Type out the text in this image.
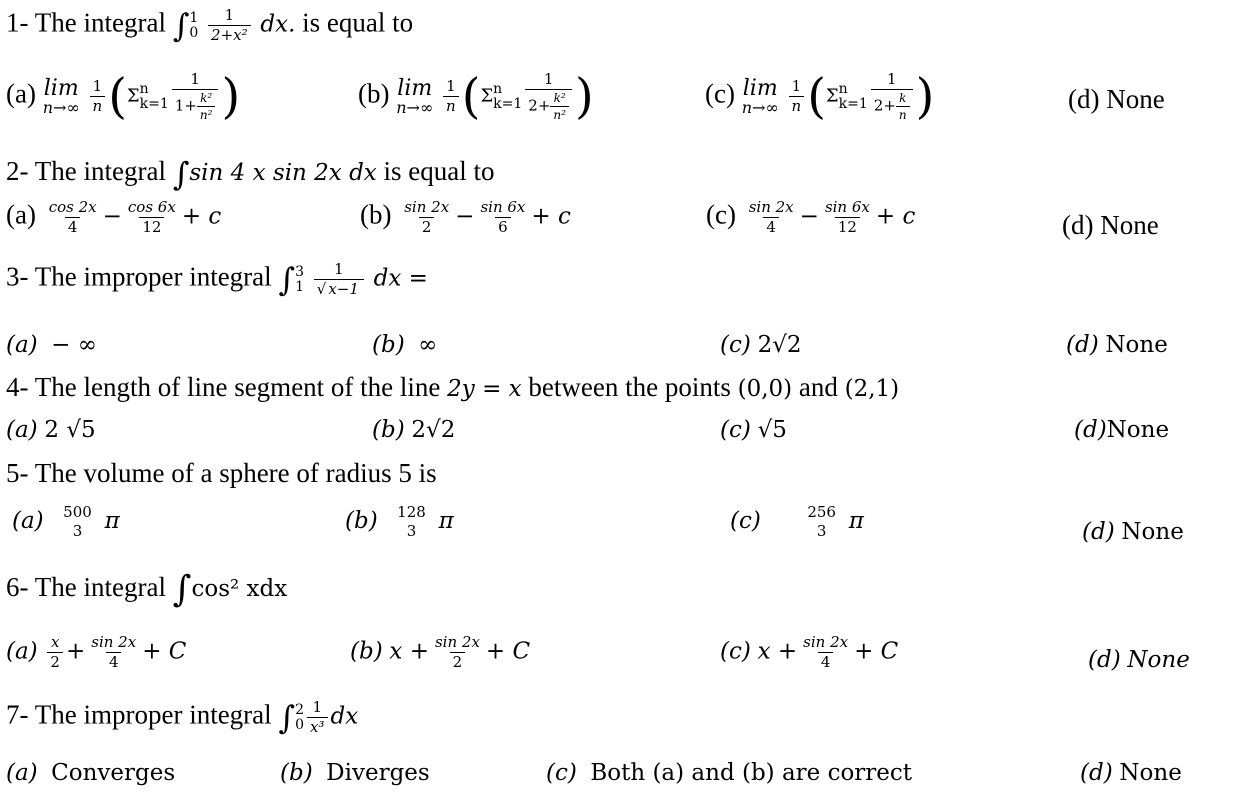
1- The integral ∫ 1
0
$\frac{1}{\text{2+x²}}$ dx. is equal to
(a) lim
n→∞
$\frac{1}{n} (\Sigma$ n
$k=1 \frac{1}{1+ \frac{\text{k²}}{\text{n²}}}$ )	(b) lim
n→∞
$\frac{1}{n} (\Sigma$ n
$k=1 \frac{1}{2+ \frac{\text{k²}}{\text{n²}}}$ )	(c) lim
n→∞
$\frac{1}{n} (\Sigma$ n
$k=1 \frac{1}{2+ \frac{k}{n}}$ )	(d) None
2- The integral ∫sin 4 x sin 2x dx is equal to
$(a) \frac{\cos 2x}{4} - \frac{\cos 6x}{12} + c$	$(b) \frac{\sin 2x}{2} - \frac{\sin 6x}{6} + c$	$(c) \frac{\sin 2x}{4} - \frac{\sin 6x}{12} + c$	(d) None
3- The improper integral ∫ 3
1
$\frac{1}{√ x-1}$ dx =
(a) − ∞	(b) ∞	(c) 2√2	(d) None
4- The length of line segment of the line 2y = x between the points (0,0) and (2,1)
(a) 2 √5	(b) 2√2	(c) √5	(d)None
5- The volume of a sphere of radius 5 is
(a) 500
3 π	(b) 128
3 π	(c)	256
3 π	(d) None
6- The integral ∫cos² xdx
$(a) \frac{x}{2} + \frac{\sin 2x}{4} + C$	(b) $x + \frac{\sin 2x}{2} + C$	(c) $x + \frac{\sin 2x}{4} + C$	(d) None
7- The improper integral ∫ 2
$0 \frac{1}{\text{x³}}$ dx
(a) Converges	(b) Diverges	(c) Both (a) and (b) are correct	(d) None
